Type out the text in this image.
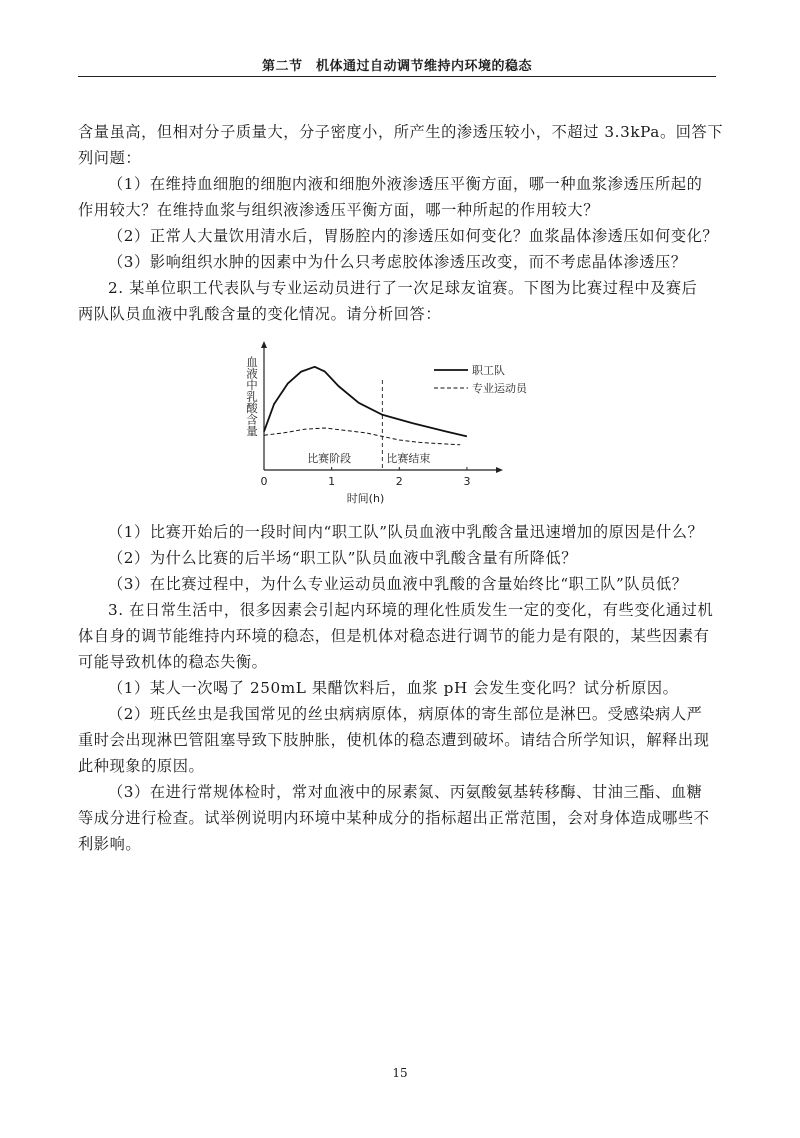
第二节　机体通过自动调节维持内环境的稳态
含量虽高，但相对分子质量大，分子密度小，所产生的渗透压较小，不超过 3.3kPa。回答下
列问题：
（1）在维持血细胞的细胞内液和细胞外液渗透压平衡方面，哪一种血浆渗透压所起的
作用较大？在维持血浆与组织液渗透压平衡方面，哪一种所起的作用较大？
（2）正常人大量饮用清水后，胃肠腔内的渗透压如何变化？血浆晶体渗透压如何变化？
（3）影响组织水肿的因素中为什么只考虑胶体渗透压改变，而不考虑晶体渗透压？
2. 某单位职工代表队与专业运动员进行了一次足球友谊赛。下图为比赛过程中及赛后
两队队员血液中乳酸含量的变化情况。请分析回答：
血液中乳酸含量
0	1	2	3
时间(h)
比赛阶段	比赛结束
职工队
专业运动员
（1）比赛开始后的一段时间内“职工队”队员血液中乳酸含量迅速增加的原因是什么？
（2）为什么比赛的后半场“职工队”队员血液中乳酸含量有所降低？
（3）在比赛过程中，为什么专业运动员血液中乳酸的含量始终比“职工队”队员低？
3. 在日常生活中，很多因素会引起内环境的理化性质发生一定的变化，有些变化通过机
体自身的调节能维持内环境的稳态，但是机体对稳态进行调节的能力是有限的，某些因素有
可能导致机体的稳态失衡。
（1）某人一次喝了 250mL 果醋饮料后，血浆 pH 会发生变化吗？试分析原因。
（2）班氏丝虫是我国常见的丝虫病病原体，病原体的寄生部位是淋巴。受感染病人严
重时会出现淋巴管阻塞导致下肢肿胀，使机体的稳态遭到破坏。请结合所学知识，解释出现
此种现象的原因。
（3）在进行常规体检时，常对血液中的尿素氮、丙氨酸氨基转移酶、甘油三酯、血糖
等成分进行检查。试举例说明内环境中某种成分的指标超出正常范围，会对身体造成哪些不
利影响。
15
